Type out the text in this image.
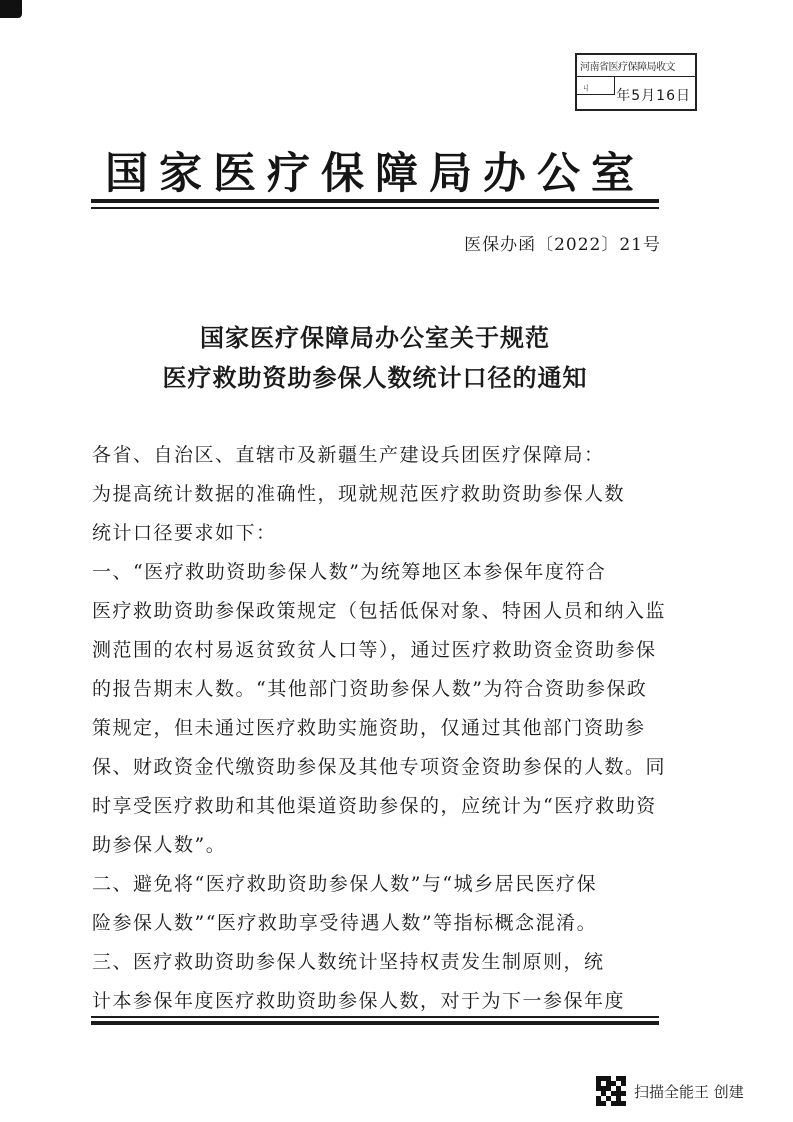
河南省医疗保障局收文
ㄐ	年5月16日
国家医疗保障局办公室
医保办函〔2022〕21号
国家医疗保障局办公室关于规范
医疗救助资助参保人数统计口径的通知
各省、自治区、直辖市及新疆生产建设兵团医疗保障局：
为提高统计数据的准确性，现就规范医疗救助资助参保人数
统计口径要求如下：
一、“医疗救助资助参保人数”为统筹地区本参保年度符合
医疗救助资助参保政策规定（包括低保对象、特困人员和纳入监
测范围的农村易返贫致贫人口等），通过医疗救助资金资助参保
的报告期末人数。“其他部门资助参保人数”为符合资助参保政
策规定，但未通过医疗救助实施资助，仅通过其他部门资助参
保、财政资金代缴资助参保及其他专项资金资助参保的人数。同
时享受医疗救助和其他渠道资助参保的，应统计为“医疗救助资
助参保人数”。
二、避免将“医疗救助资助参保人数”与“城乡居民医疗保
险参保人数”“医疗救助享受待遇人数”等指标概念混淆。
三、医疗救助资助参保人数统计坚持权责发生制原则，统
计本参保年度医疗救助资助参保人数，对于为下一参保年度
扫描全能王 创建
